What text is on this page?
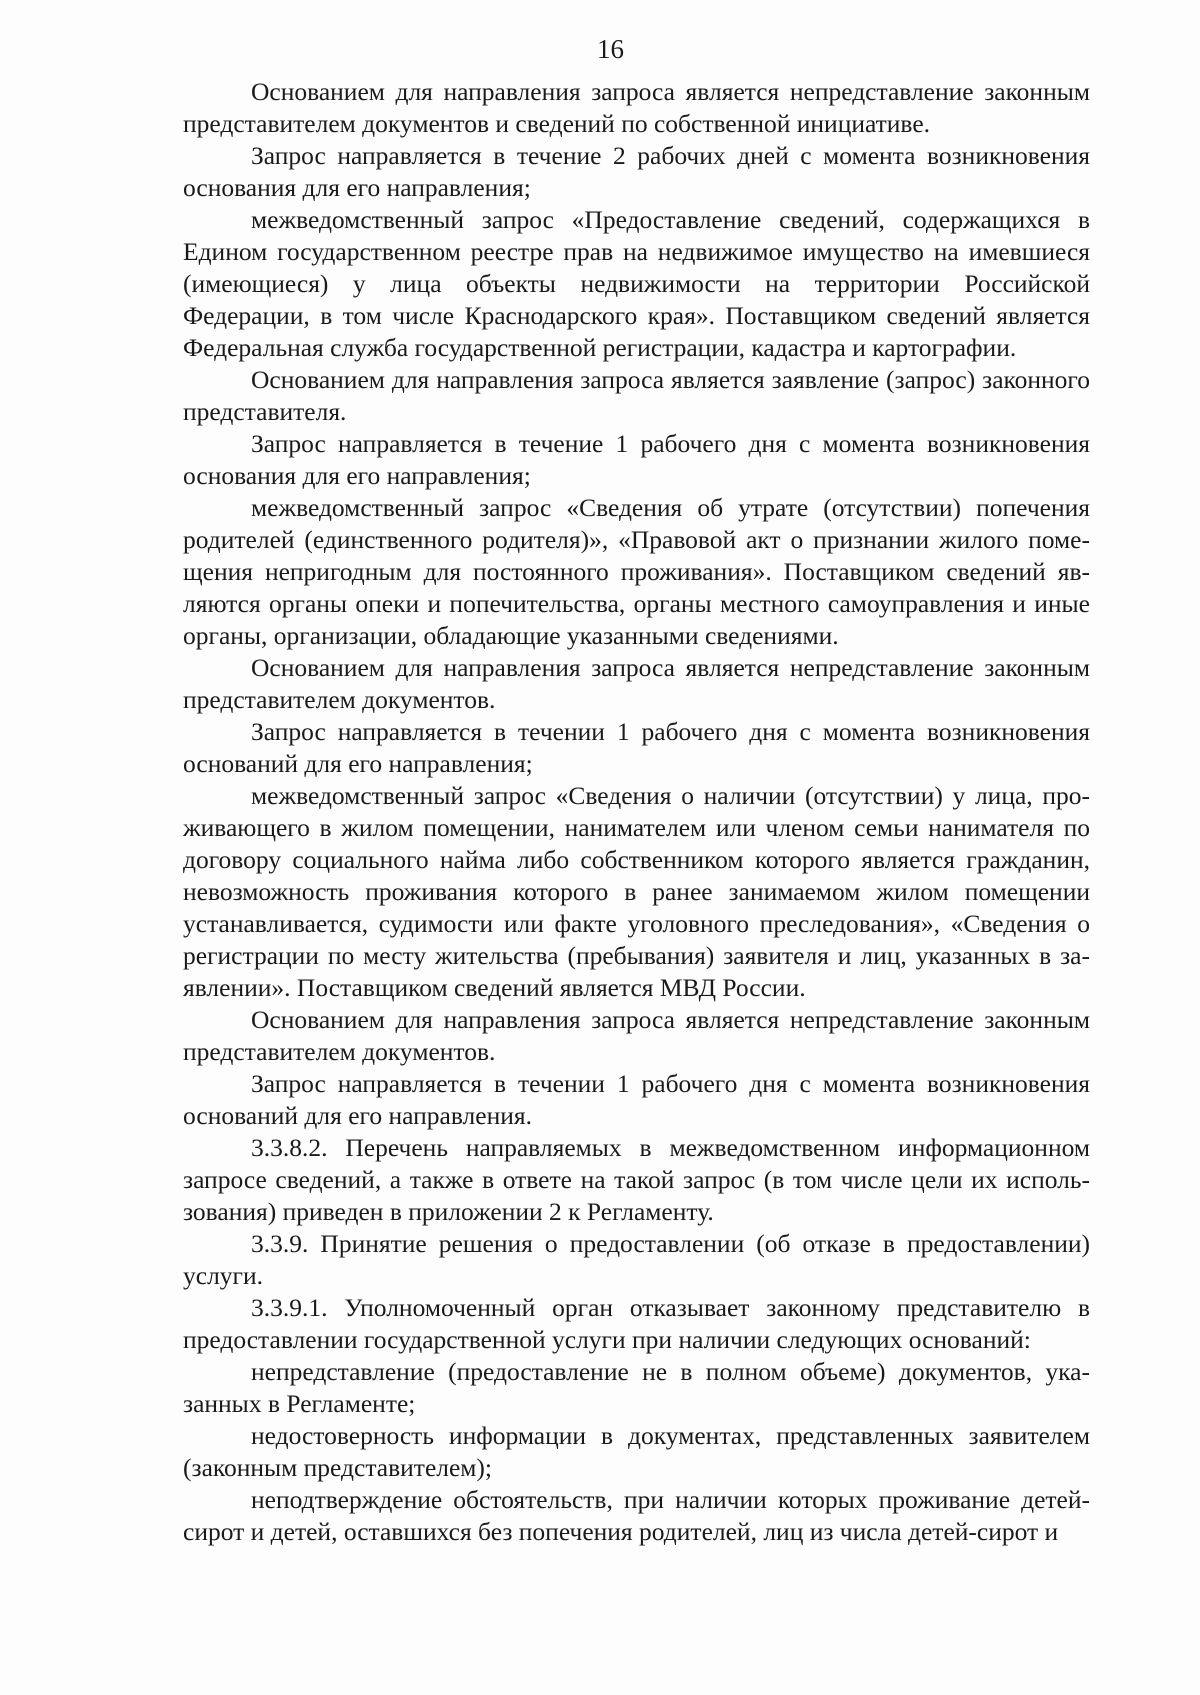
16

Основанием для направления запроса является непредставление законным представителем документов и сведений по собственной инициативе.

Запрос направляется в течение 2 рабочих дней с момента возникновения основания для его направления;

межведомственный запрос «Предоставление сведений, содержащихся в Едином государственном реестре прав на недвижимое имущество на имевшиеся (имеющиеся) у лица объекты недвижимости на территории Российской Федерации, в том числе Краснодарского края». Поставщиком сведений является Федеральная служба государственной регистрации, кадастра и картографии.

Основанием для направления запроса является заявление (запрос) законного представителя.

Запрос направляется в течение 1 рабочего дня с момента возникновения основания для его направления;

межведомственный запрос «Сведения об утрате (отсутствии) попечения родителей (единственного родителя)», «Правовой акт о признании жилого помещения непригодным для постоянного проживания». Поставщиком сведений являются органы опеки и попечительства, органы местного самоуправления и иные органы, организации, обладающие указанными сведениями.

Основанием для направления запроса является непредставление законным представителем документов.

Запрос направляется в течении 1 рабочего дня с момента возникновения оснований для его направления;

межведомственный запрос «Сведения о наличии (отсутствии) у лица, проживающего в жилом помещении, нанимателем или членом семьи нанимателя по договору социального найма либо собственником которого является гражданин, невозможность проживания которого в ранее занимаемом жилом помещении устанавливается, судимости или факте уголовного преследования», «Сведения о регистрации по месту жительства (пребывания) заявителя и лиц, указанных в заявлении». Поставщиком сведений является МВД России.

Основанием для направления запроса является непредставление законным представителем документов.

Запрос направляется в течении 1 рабочего дня с момента возникновения оснований для его направления.

3.3.8.2. Перечень направляемых в межведомственном информационном запросе сведений, а также в ответе на такой запрос (в том числе цели их использования) приведен в приложении 2 к Регламенту.

3.3.9. Принятие решения о предоставлении (об отказе в предоставлении) услуги.

3.3.9.1. Уполномоченный орган отказывает законному представителю в предоставлении государственной услуги при наличии следующих оснований:

непредставление (предоставление не в полном объеме) документов, указанных в Регламенте;

недостоверность информации в документах, представленных заявителем (законным представителем);

неподтверждение обстоятельств, при наличии которых проживание детей-сирот и детей, оставшихся без попечения родителей, лиц из числа детей-сирот и
